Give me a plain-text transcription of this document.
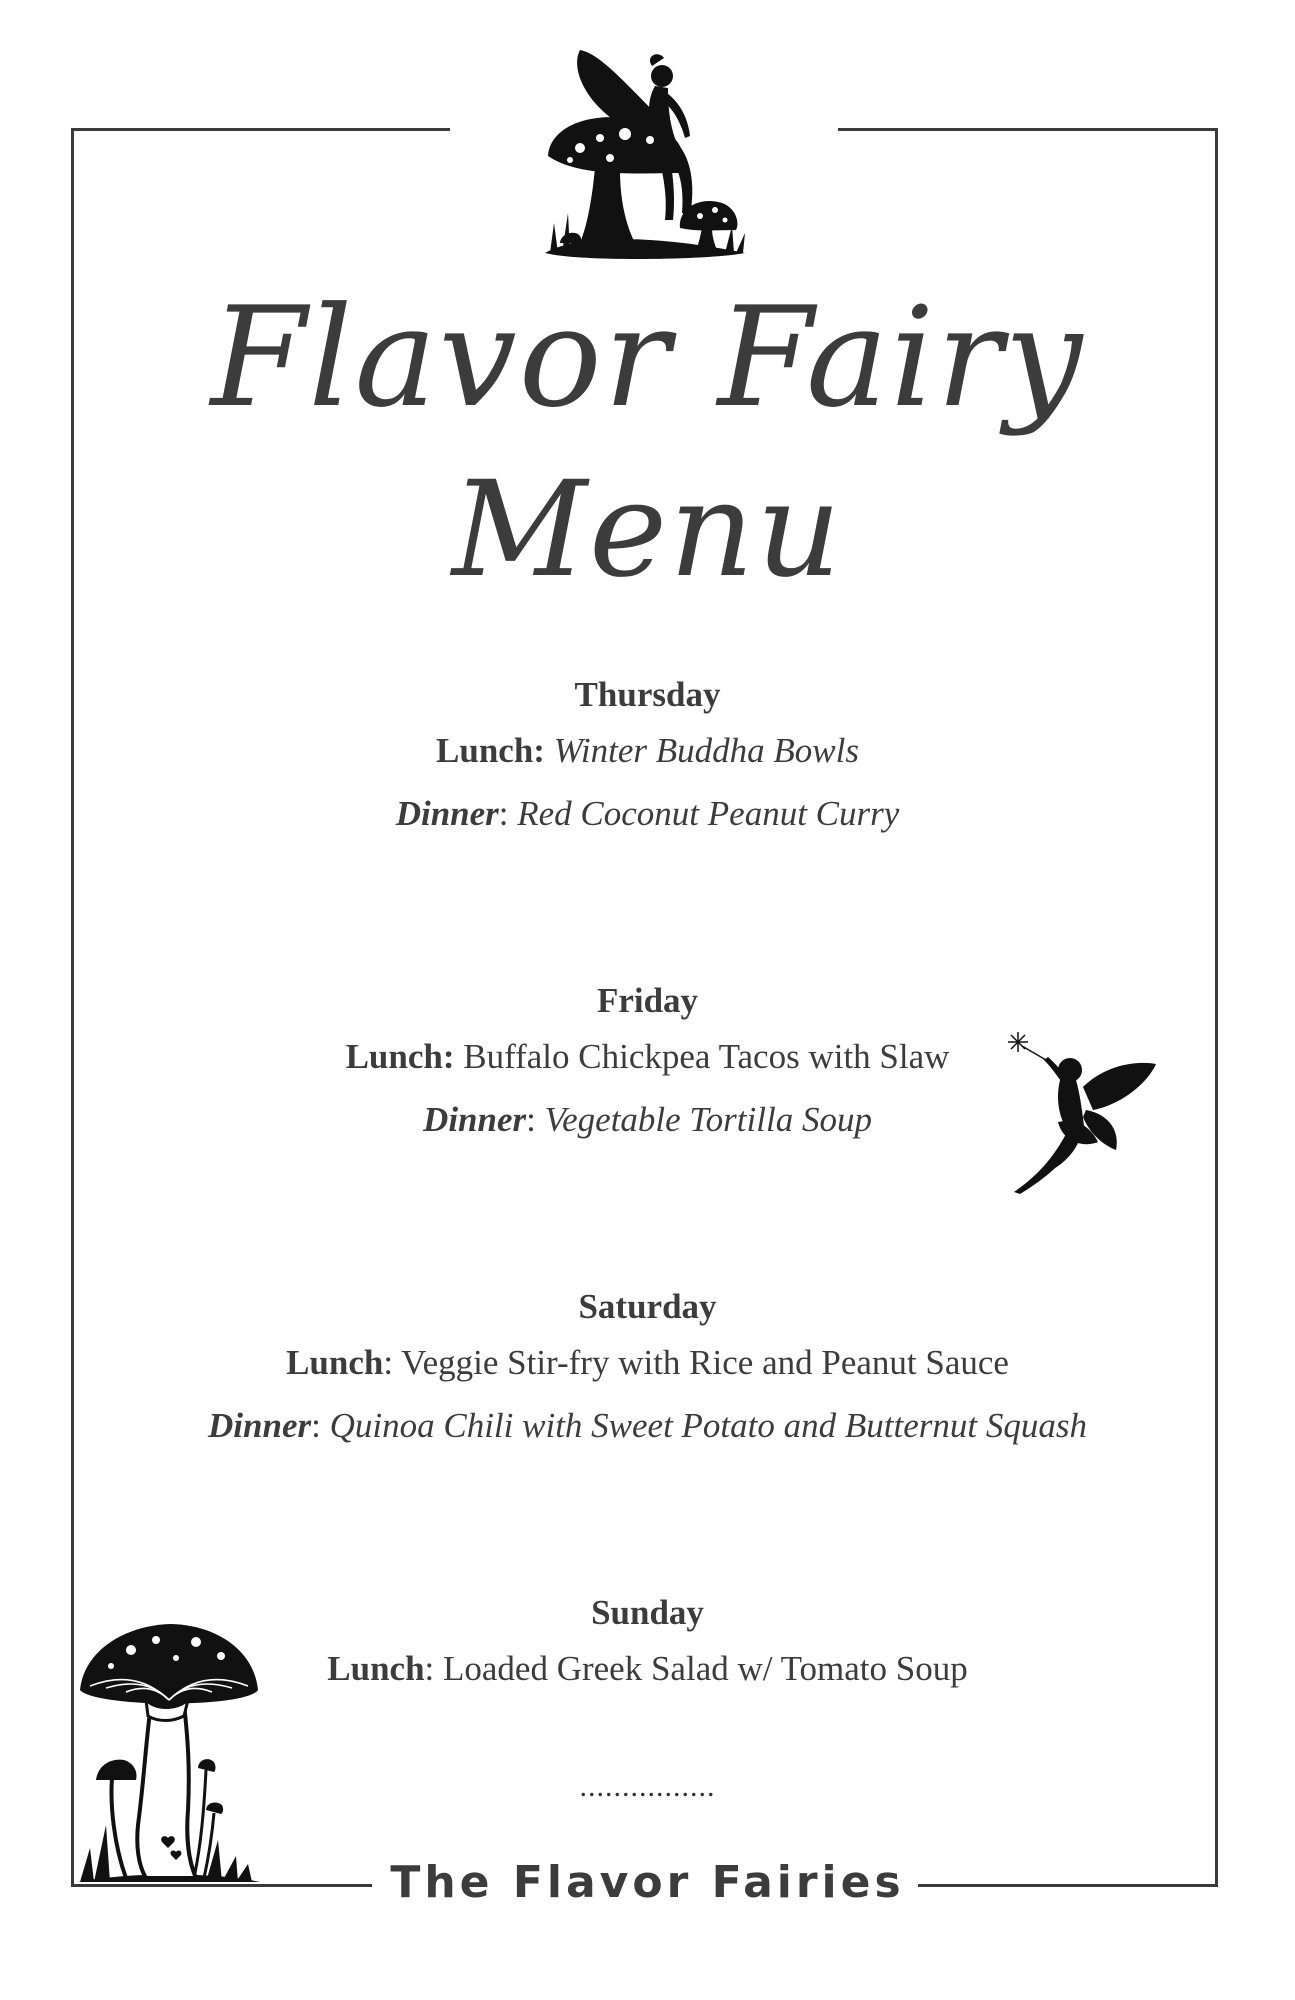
Flavor Fairy
Menu
Thursday
Lunch: Winter Buddha Bowls
Dinner: Red Coconut Peanut Curry
Friday
Lunch: Buffalo Chickpea Tacos with Slaw
Dinner: Vegetable Tortilla Soup
Saturday
Lunch: Veggie Stir-fry with Rice and Peanut Sauce
Dinner: Quinoa Chili with Sweet Potato and Butternut Squash
Sunday
Lunch: Loaded Greek Salad w/ Tomato Soup
................
The Flavor Fairies
